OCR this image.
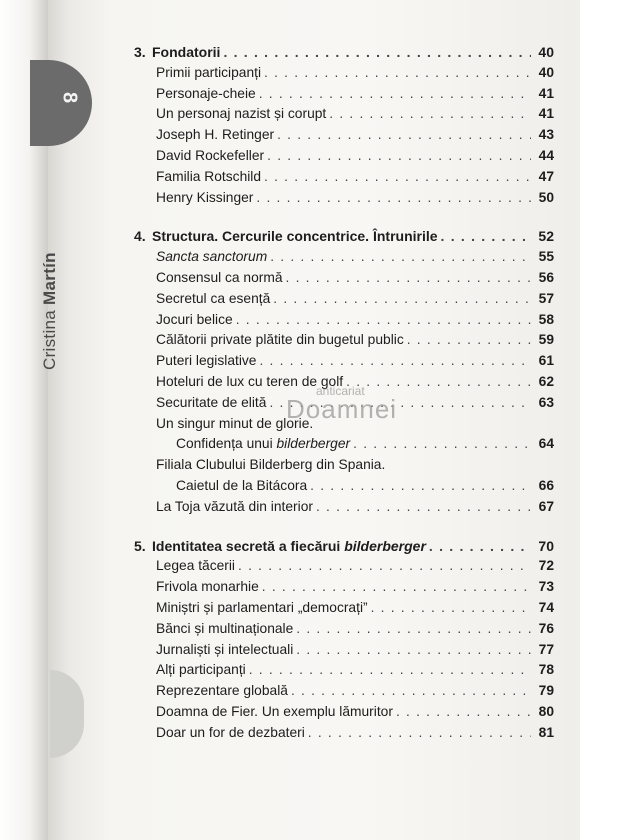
8
Cristina Martín
3. Fondatorii . . .	40
Primii participanți . . .	40
Personaje-cheie . . .	41
Un personaj nazist și corupt . . .	41
Joseph H. Retinger . . .	43
David Rockefeller . . .	44
Familia Rotschild . . .	47
Henry Kissinger . . .	50
4. Structura. Cercurile concentrice. Întrunirile . . .	52
Sancta sanctorum . . .	55
Consensul ca normă . . .	56
Secretul ca esență . . .	57
Jocuri belice . . .	58
Călătorii private plătite din bugetul public . . .	59
Puteri legislative . . .	61
Hoteluri de lux cu teren de golf . . .	62
Securitate de elită . . .	63
Un singur minut de glorie.
Confidența unui bilderberger . . .	64
Filiala Clubului Bilderberg din Spania.
Caietul de la Bitácora . . .	66
La Toja văzută din interior . . .	67
5. Identitatea secretă a fiecărui bilderberger . . .	70
Legea tăcerii . . .	72
Frivola monarhie . . .	73
Miniștri și parlamentari „democrați” . . .	74
Bănci și multinaționale . . .	76
Jurnaliști și intelectuali . . .	77
Alți participanți . . .	78
Reprezentare globală . . .	79
Doamna de Fier. Un exemplu lămuritor . . .	80
Doar un for de dezbateri . . .	81
anticariat
Doamnei
